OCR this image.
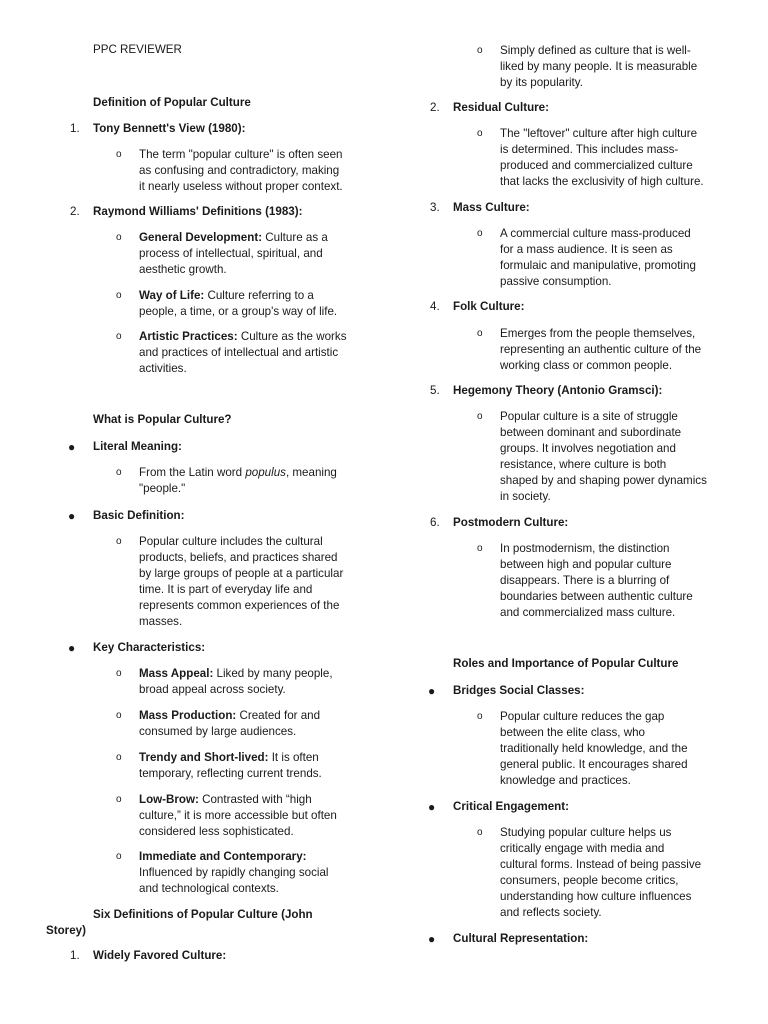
PPC REVIEWER
Definition of Popular Culture
1. Tony Bennett's View (1980):
o The term "popular culture" is often seen
as confusing and contradictory, making
it nearly useless without proper context.
2. Raymond Williams' Definitions (1983):
o General Development: Culture as a
process of intellectual, spiritual, and
aesthetic growth.
o Way of Life: Culture referring to a
people, a time, or a group's way of life.
o Artistic Practices: Culture as the works
and practices of intellectual and artistic
activities.
What is Popular Culture?
● Literal Meaning:
o From the Latin word populus, meaning
"people."
● Basic Definition:
o Popular culture includes the cultural
products, beliefs, and practices shared
by large groups of people at a particular
time. It is part of everyday life and
represents common experiences of the
masses.
● Key Characteristics:
o Mass Appeal: Liked by many people,
broad appeal across society.
o Mass Production: Created for and
consumed by large audiences.
o Trendy and Short-lived: It is often
temporary, reflecting current trends.
o Low-Brow: Contrasted with “high
culture,” it is more accessible but often
considered less sophisticated.
o Immediate and Contemporary:
Influenced by rapidly changing social
and technological contexts.
Six Definitions of Popular Culture (John
Storey)
1. Widely Favored Culture:
o Simply defined as culture that is well-
liked by many people. It is measurable
by its popularity.
2. Residual Culture:
o The "leftover" culture after high culture
is determined. This includes mass-
produced and commercialized culture
that lacks the exclusivity of high culture.
3. Mass Culture:
o A commercial culture mass-produced
for a mass audience. It is seen as
formulaic and manipulative, promoting
passive consumption.
4. Folk Culture:
o Emerges from the people themselves,
representing an authentic culture of the
working class or common people.
5. Hegemony Theory (Antonio Gramsci):
o Popular culture is a site of struggle
between dominant and subordinate
groups. It involves negotiation and
resistance, where culture is both
shaped by and shaping power dynamics
in society.
6. Postmodern Culture:
o In postmodernism, the distinction
between high and popular culture
disappears. There is a blurring of
boundaries between authentic culture
and commercialized mass culture.
Roles and Importance of Popular Culture
● Bridges Social Classes:
o Popular culture reduces the gap
between the elite class, who
traditionally held knowledge, and the
general public. It encourages shared
knowledge and practices.
● Critical Engagement:
o Studying popular culture helps us
critically engage with media and
cultural forms. Instead of being passive
consumers, people become critics,
understanding how culture influences
and reflects society.
● Cultural Representation:
